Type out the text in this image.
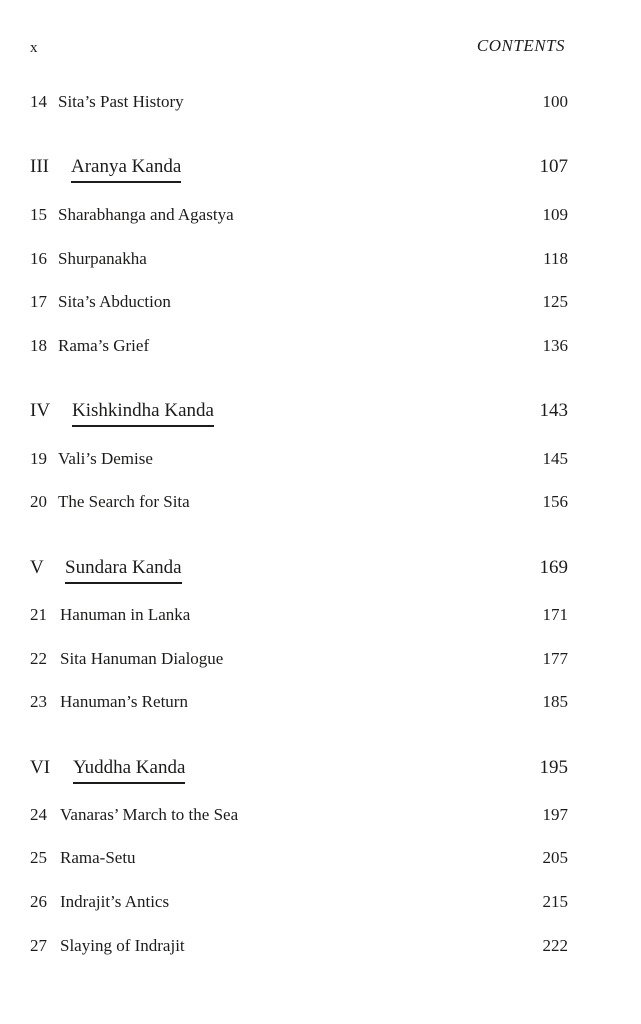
x	CONTENTS
14 Sita’s Past History	100
III Aranya Kanda	107
15 Sharabhanga and Agastya	109
16 Shurpanakha	118
17 Sita’s Abduction	125
18 Rama’s Grief	136
IV Kishkindha Kanda	143
19 Vali’s Demise	145
20 The Search for Sita	156
V Sundara Kanda	169
21 Hanuman in Lanka	171
22 Sita Hanuman Dialogue	177
23 Hanuman’s Return	185
VI Yuddha Kanda	195
24 Vanaras’ March to the Sea	197
25 Rama-Setu	205
26 Indrajit’s Antics	215
27 Slaying of Indrajit	222
